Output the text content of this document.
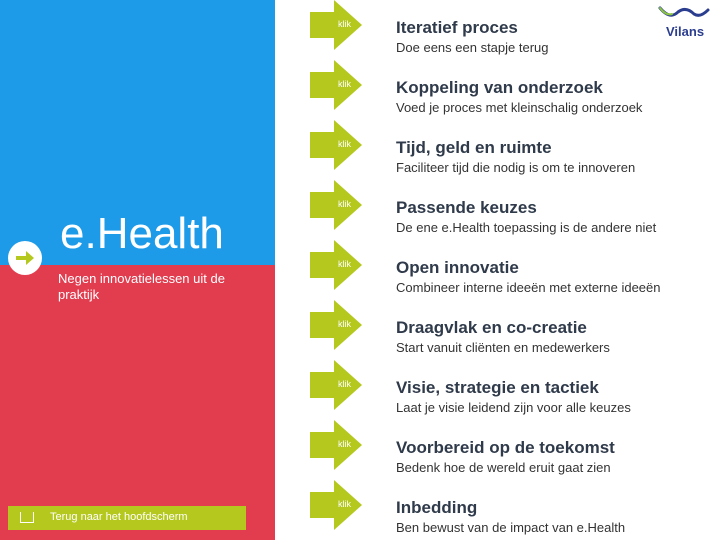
e.Health
Negen innovatielessen uit de praktijk
Terug naar het hoofdscherm
Vilans
klik	Iteratief proces
Doe eens een stapje terug
klik	Koppeling van onderzoek
Voed je proces met kleinschalig onderzoek
klik	Tijd, geld en ruimte
Faciliteer tijd die nodig is om te innoveren
klik	Passende keuzes
De ene e.Health toepassing is de andere niet
klik	Open innovatie
Combineer interne ideeën met externe ideeën
klik	Draagvlak en co-creatie
Start vanuit cliënten en medewerkers
klik	Visie, strategie en tactiek
Laat je visie leidend zijn voor alle keuzes
klik	Voorbereid op de toekomst
Bedenk hoe de wereld eruit gaat zien
klik	Inbedding
Ben bewust van de impact van e.Health
